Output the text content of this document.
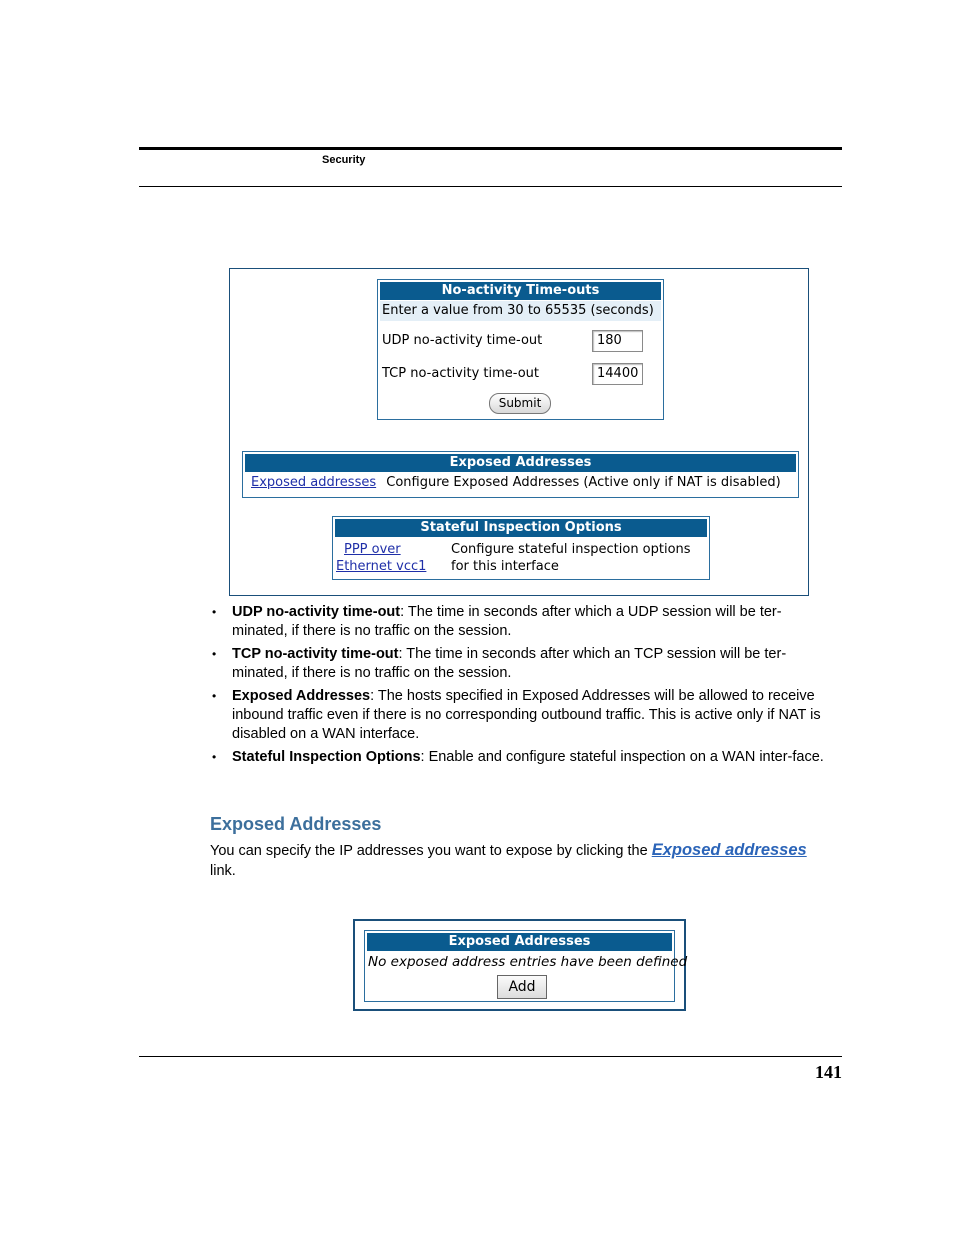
Security
No-activity Time-outs
Enter a value from 30 to 65535 (seconds)
UDP no-activity time-out	180
TCP no-activity time-out	14400
Submit
Exposed Addresses
Exposed addresses Configure Exposed Addresses (Active only if NAT is disabled)
Stateful Inspection Options
PPP over
Ethernet vcc1
Configure stateful inspection options
for this interface
• UDP no-activity time-out: The time in seconds after which a UDP session will be ter-minated, if there is no traffic on the session.
• TCP no-activity time-out: The time in seconds after which an TCP session will be ter-minated, if there is no traffic on the session.
• Exposed Addresses: The hosts specified in Exposed Addresses will be allowed to receive inbound traffic even if there is no corresponding outbound traffic. This is active only if NAT is disabled on a WAN interface.
• Stateful Inspection Options: Enable and configure stateful inspection on a WAN inter-face.
Exposed Addresses
You can specify the IP addresses you want to expose by clicking the Exposed addresses link.
Exposed Addresses
No exposed address entries have been defined
Add
141
